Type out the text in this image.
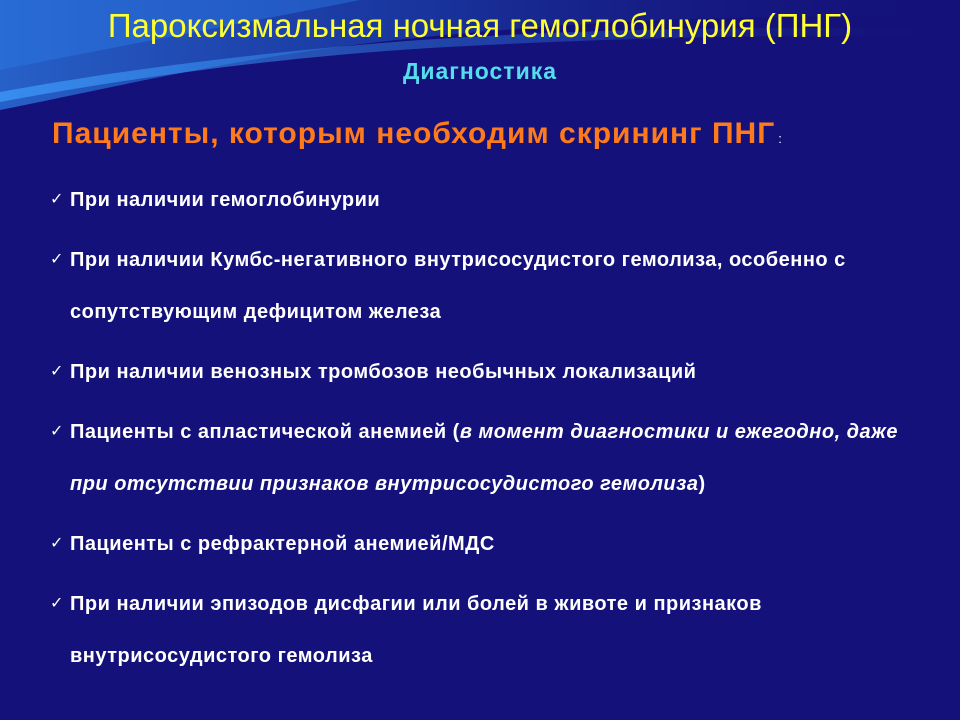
Пароксизмальная ночная гемоглобинурия (ПНГ)
Диагностика
Пациенты, которым необходим скрининг ПНГ :
✓ При наличии гемоглобинурии
✓ При наличии Кумбс-негативного внутрисосудистого гемолиза, особенно с сопутствующим дефицитом железа
✓ При наличии венозных тромбозов необычных локализаций
✓ Пациенты с апластической анемией (в момент диагностики и ежегодно, даже при отсутствии признаков внутрисосудистого гемолиза)
✓ Пациенты с рефрактерной анемией/МДС
✓ При наличии эпизодов дисфагии или болей в животе и признаков внутрисосудистого гемолиза
